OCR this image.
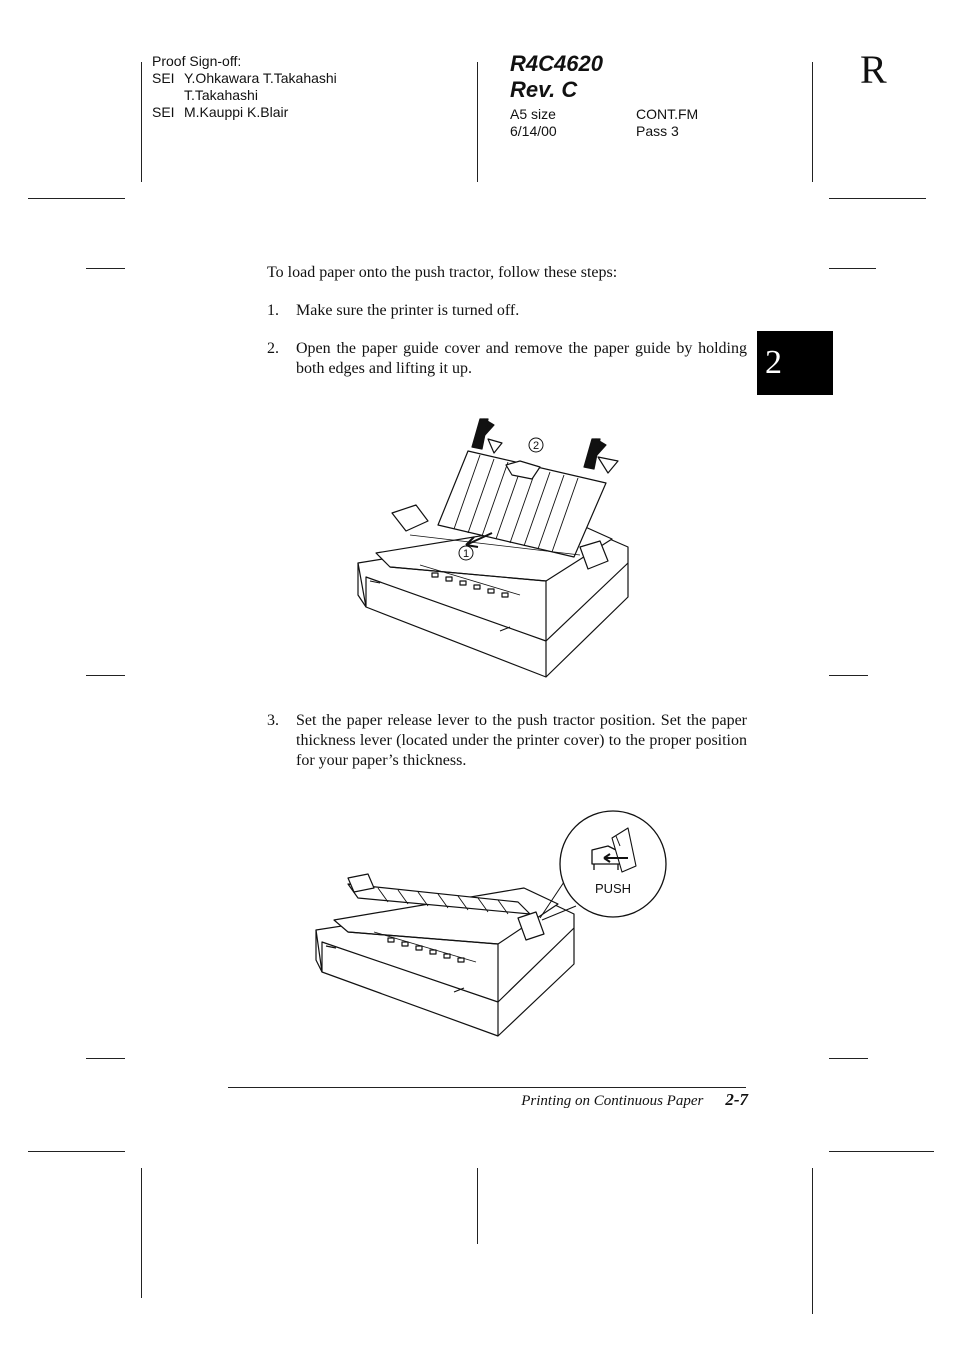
Proof Sign-off:
SEI Y.Ohkawara T.Takahashi
T.Takahashi
SEI M.Kauppi K.Blair
R4C4620
Rev. C
A5 size	CONT.FM
6/14/00	Pass 3
R
2
To load paper onto the push tractor, follow these steps:
1.	Make sure the printer is turned off.
2.	Open the paper guide cover and remove the paper guide by holding both edges and lifting it up.
2
1
3.	Set the paper release lever to the push tractor position. Set the paper thickness lever (located under the printer cover) to the proper position for your paper’s thickness.
PUSH
Printing on Continuous Paper 2-7
